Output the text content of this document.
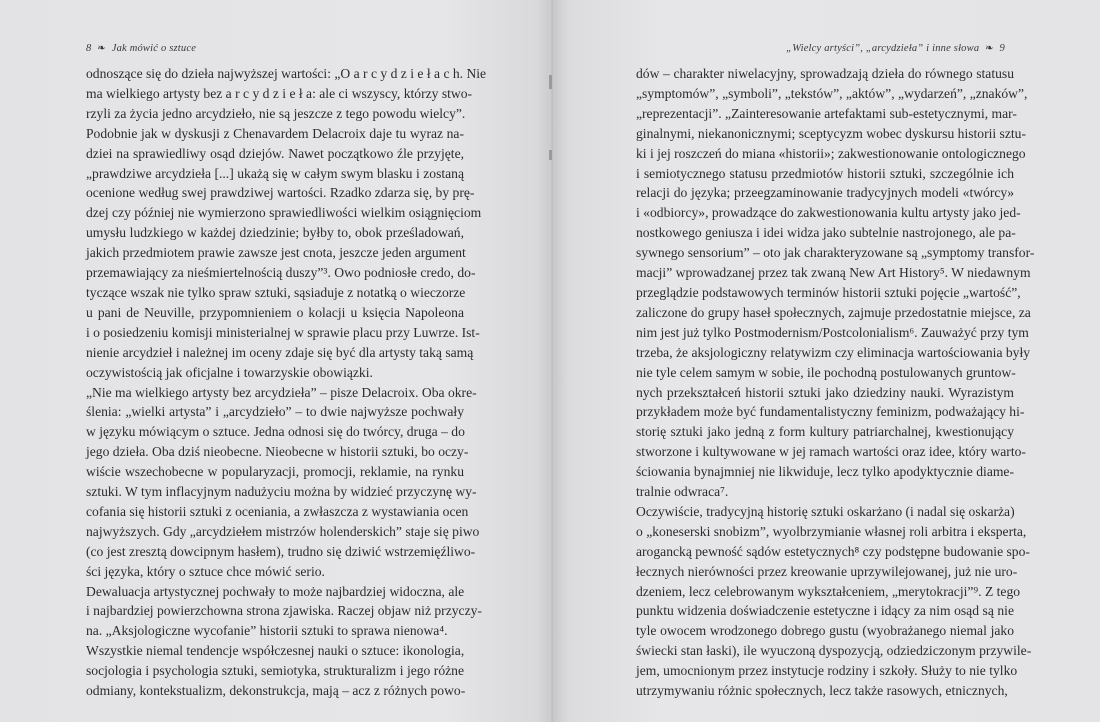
8 ❧ Jak mówić o sztuce
odnoszące się do dzieła najwyższej wartości: „O a r c y d z i e ł a c h. Nie
ma wielkiego artysty bez a r c y d z i e ł a: ale ci wszyscy, którzy stwo-
rzyli za życia jedno arcydzieło, nie są jeszcze z tego powodu wielcy”.
Podobnie jak w dyskusji z Chenavardem Delacroix daje tu wyraz na-
dziei na sprawiedliwy osąd dziejów. Nawet początkowo źle przyjęte,
„prawdziwe arcydzieła [...] ukażą się w całym swym blasku i zostaną
ocenione według swej prawdziwej wartości. Rzadko zdarza się, by prę-
dzej czy później nie wymierzono sprawiedliwości wielkim osiągnięciom
umysłu ludzkiego w każdej dziedzinie; byłby to, obok prześladowań,
jakich przedmiotem prawie zawsze jest cnota, jeszcze jeden argument
przemawiający za nieśmiertelnością duszy”³. Owo podniosłe credo, do-
tyczące wszak nie tylko spraw sztuki, sąsiaduje z notatką o wieczorze
u pani de Neuville, przypomnieniem o kolacji u księcia Napoleona
i o posiedzeniu komisji ministerialnej w sprawie placu przy Luwrze. Ist-
nienie arcydzieł i należnej im oceny zdaje się być dla artysty taką samą
oczywistością jak oficjalne i towarzyskie obowiązki.
„Nie ma wielkiego artysty bez arcydzieła” – pisze Delacroix. Oba okre-
ślenia: „wielki artysta” i „arcydzieło” – to dwie najwyższe pochwały
w języku mówiącym o sztuce. Jedna odnosi się do twórcy, druga – do
jego dzieła. Oba dziś nieobecne. Nieobecne w historii sztuki, bo oczy-
wiście wszechobecne w popularyzacji, promocji, reklamie, na rynku
sztuki. W tym inflacyjnym nadużyciu można by widzieć przyczynę wy-
cofania się historii sztuki z oceniania, a zwłaszcza z wystawiania ocen
najwyższych. Gdy „arcydziełem mistrzów holenderskich” staje się piwo
(co jest zresztą dowcipnym hasłem), trudno się dziwić wstrzemięźliwo-
ści języka, który o sztuce chce mówić serio.
Dewaluacja artystycznej pochwały to może najbardziej widoczna, ale
i najbardziej powierzchowna strona zjawiska. Raczej objaw niż przyczy-
na. „Aksjologiczne wycofanie” historii sztuki to sprawa nienowa⁴.
Wszystkie niemal tendencje współczesnej nauki o sztuce: ikonologia,
socjologia i psychologia sztuki, semiotyka, strukturalizm i jego różne
odmiany, kontekstualizm, dekonstrukcja, mają – acz z różnych powo-
„Wielcy artyści”, „arcydzieła” i inne słowa ❧ 9
dów – charakter niwelacyjny, sprowadzają dzieła do równego statusu
„symptomów”, „symboli”, „tekstów”, „aktów”, „wydarzeń”, „znaków”,
„reprezentacji”. „Zainteresowanie artefaktami sub-estetycznymi, mar-
ginalnymi, niekanonicznymi; sceptycyzm wobec dyskursu historii sztu-
ki i jej roszczeń do miana «historii»; zakwestionowanie ontologicznego
i semiotycznego statusu przedmiotów historii sztuki, szczególnie ich
relacji do języka; przeegzaminowanie tradycyjnych modeli «twórcy»
i «odbiorcy», prowadzące do zakwestionowania kultu artysty jako jed-
nostkowego geniusza i idei widza jako subtelnie nastrojonego, ale pa-
sywnego sensorium” – oto jak charakteryzowane są „symptomy transfor-
macji” wprowadzanej przez tak zwaną New Art History⁵. W niedawnym
przeglądzie podstawowych terminów historii sztuki pojęcie „wartość”,
zaliczone do grupy haseł społecznych, zajmuje przedostatnie miejsce, za
nim jest już tylko Postmodernism/Postcolonialism⁶. Zauważyć przy tym
trzeba, że aksjologiczny relatywizm czy eliminacja wartościowania były
nie tyle celem samym w sobie, ile pochodną postulowanych gruntow-
nych przekształceń historii sztuki jako dziedziny nauki. Wyrazistym
przykładem może być fundamentalistyczny feminizm, podważający hi-
storię sztuki jako jedną z form kultury patriarchalnej, kwestionujący
stworzone i kultywowane w jej ramach wartości oraz idee, który warto-
ściowania bynajmniej nie likwiduje, lecz tylko apodyktycznie diame-
tralnie odwraca⁷.
Oczywiście, tradycyjną historię sztuki oskarżano (i nadal się oskarża)
o „koneserski snobizm”, wyolbrzymianie własnej roli arbitra i eksperta,
arogancką pewność sądów estetycznych⁸ czy podstępne budowanie spo-
łecznych nierówności przez kreowanie uprzywilejowanej, już nie uro-
dzeniem, lecz celebrowanym wykształceniem, „merytokracji”⁹. Z tego
punktu widzenia doświadczenie estetyczne i idący za nim osąd są nie
tyle owocem wrodzonego dobrego gustu (wyobrażanego niemal jako
świecki stan łaski), ile wyuczoną dyspozycją, odziedziczonym przywile-
jem, umocnionym przez instytucje rodziny i szkoły. Służy to nie tylko
utrzymywaniu różnic społecznych, lecz także rasowych, etnicznych,
